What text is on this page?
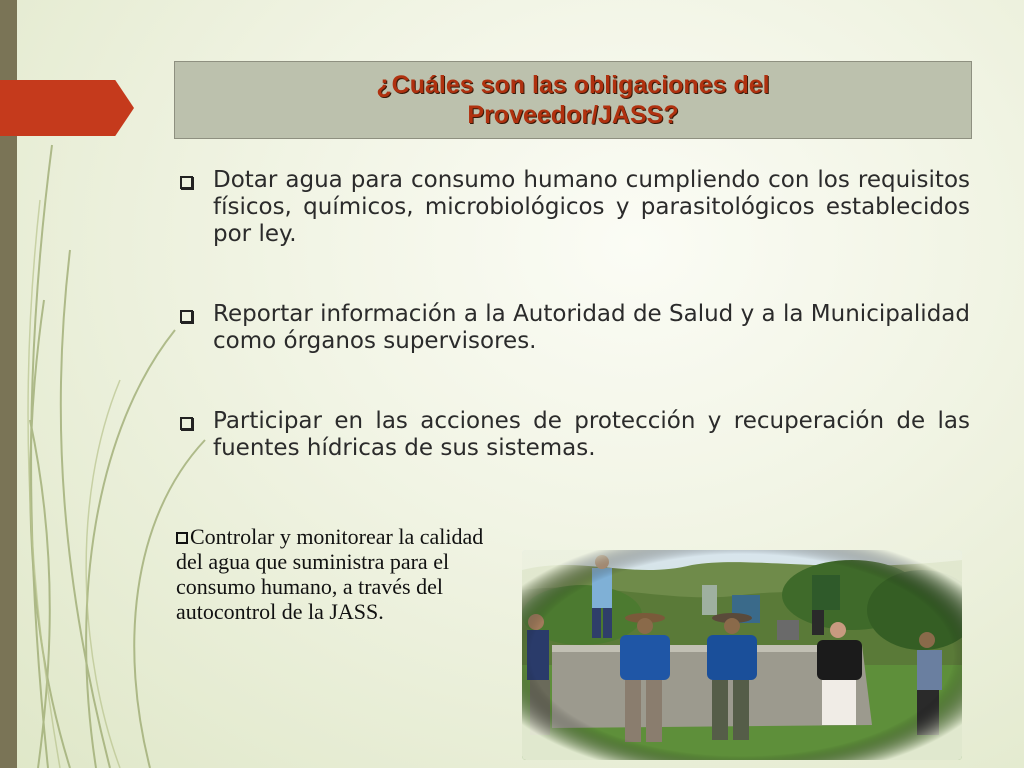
¿Cuáles son las obligaciones del
Proveedor/JASS?
Dotar agua para consumo humano cumpliendo con los requisitos físicos, químicos, microbiológicos y parasitológicos establecidos por ley.
Reportar información a la Autoridad de Salud y a la Municipalidad como órganos supervisores.
Participar en las acciones de protección y recuperación de las fuentes hídricas de sus sistemas.
Controlar y monitorear la calidad del agua que suministra para el consumo humano, a través del autocontrol de la JASS.
